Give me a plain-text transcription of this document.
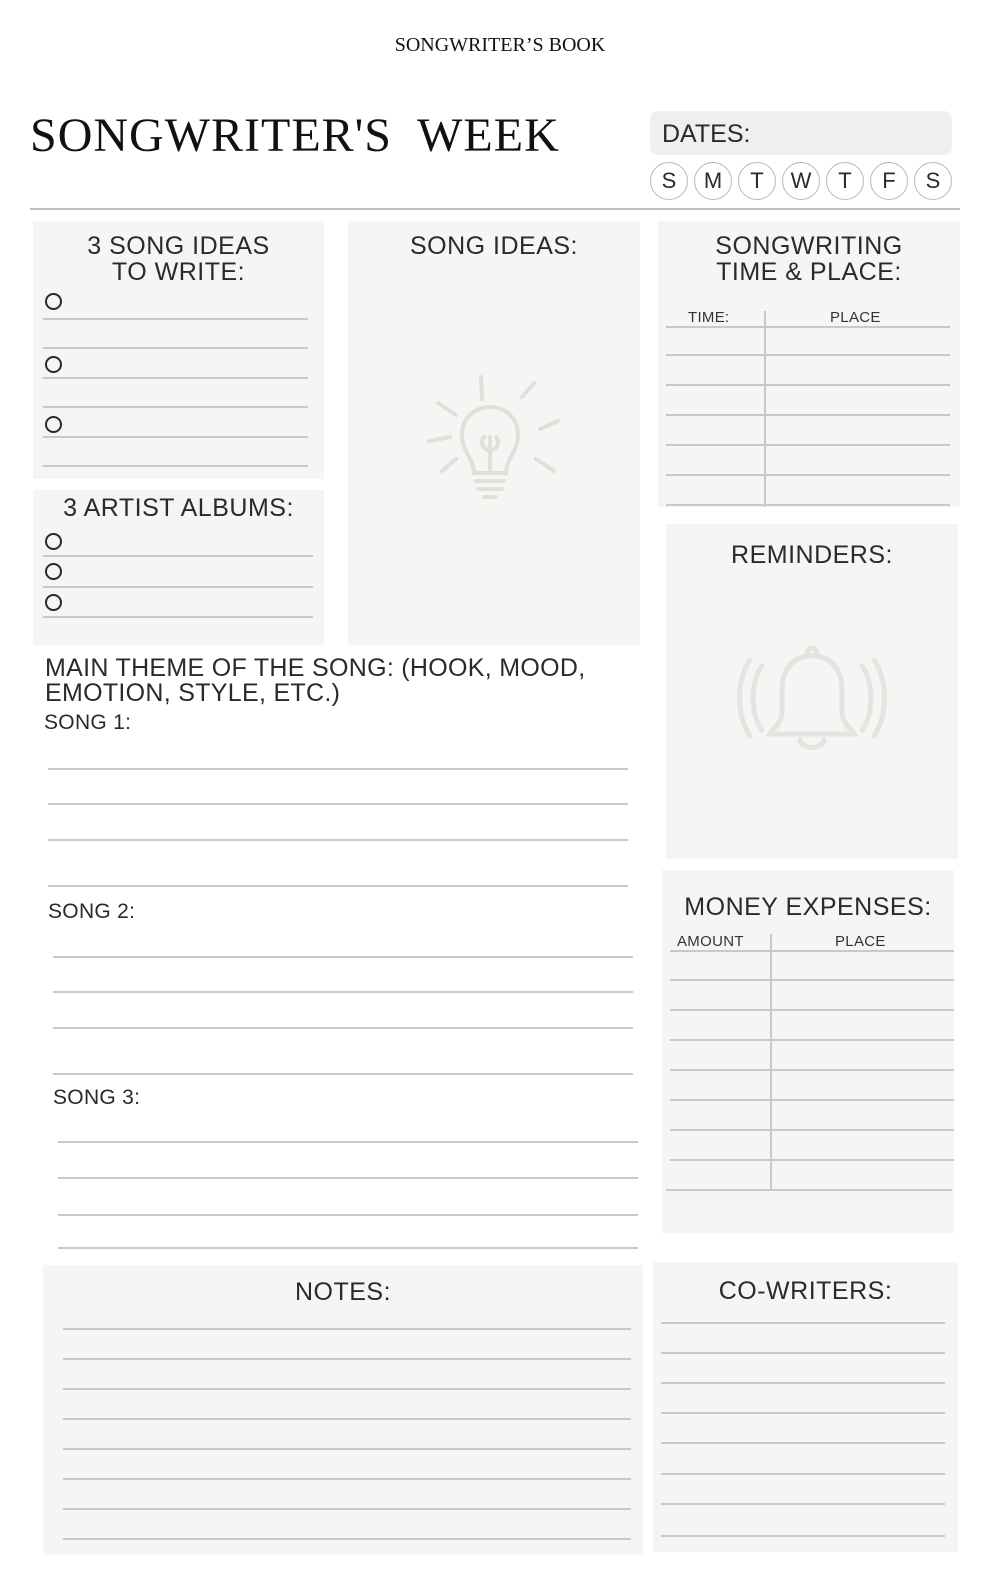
SONGWRITER’S BOOK
SONGWRITER'S  WEEK	DATES:
S	M	T	W	T	F	S
3 SONG IDEAS
TO WRITE:
SONG IDEAS:	SONGWRITING
TIME & PLACE:
TIME:	PLACE
3 ARTIST ALBUMS:
REMINDERS:
MAIN THEME OF THE SONG: (HOOK, MOOD,
EMOTION, STYLE, ETC.)
SONG 1:
SONG 2:
SONG 3:
MONEY EXPENSES:
AMOUNT	PLACE
NOTES:	CO-WRITERS:
